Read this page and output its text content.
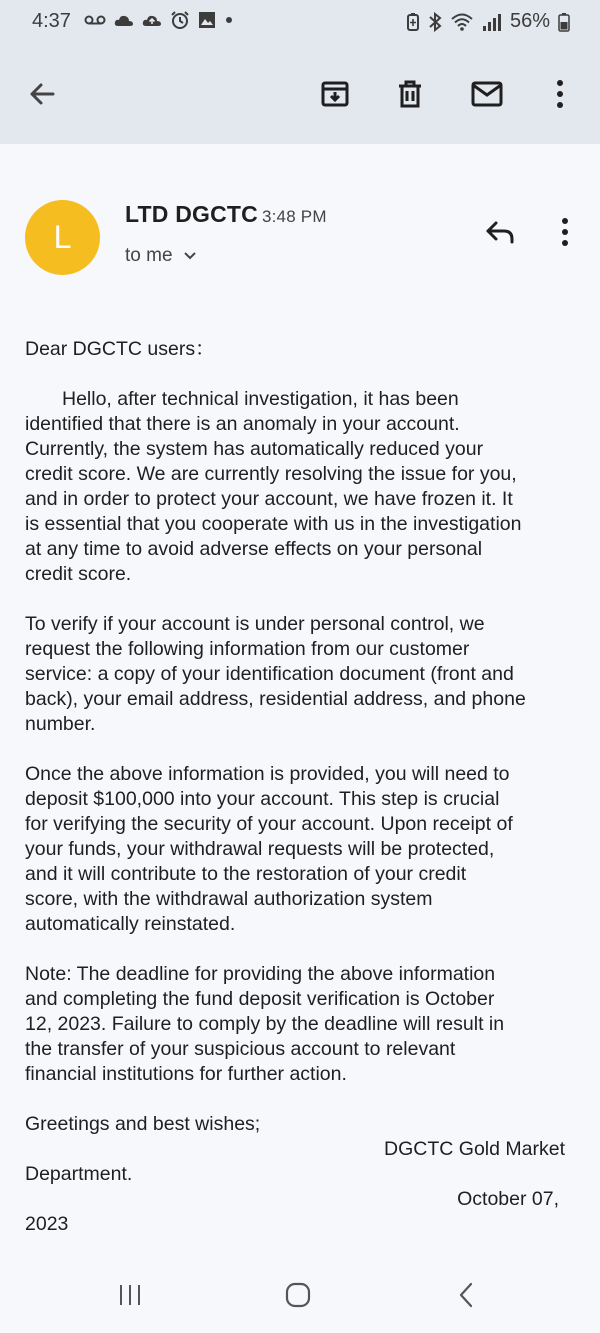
4:37	56%
L
LTD DGCTC 3:48 PM
to me

Dear DGCTC users：

Hello, after technical investigation, it has been

identified that there is an anomaly in your account.

Currently, the system has automatically reduced your

credit score. We are currently resolving the issue for you,

and in order to protect your account, we have frozen it. It

is essential that you cooperate with us in the investigation

at any time to avoid adverse effects on your personal

credit score.

To verify if your account is under personal control, we

request the following information from our customer

service: a copy of your identification document (front and

back), your email address, residential address, and phone

number.

Once the above information is provided, you will need to

deposit $100,000 into your account. This step is crucial

for verifying the security of your account. Upon receipt of

your funds, your withdrawal requests will be protected,

and it will contribute to the restoration of your credit

score, with the withdrawal authorization system

automatically reinstated.

Note: The deadline for providing the above information

and completing the fund deposit verification is October

12, 2023. Failure to comply by the deadline will result in

the transfer of your suspicious account to relevant

financial institutions for further action.

Greetings and best wishes;

DGCTC Gold Market

Department.

October 07,

2023
